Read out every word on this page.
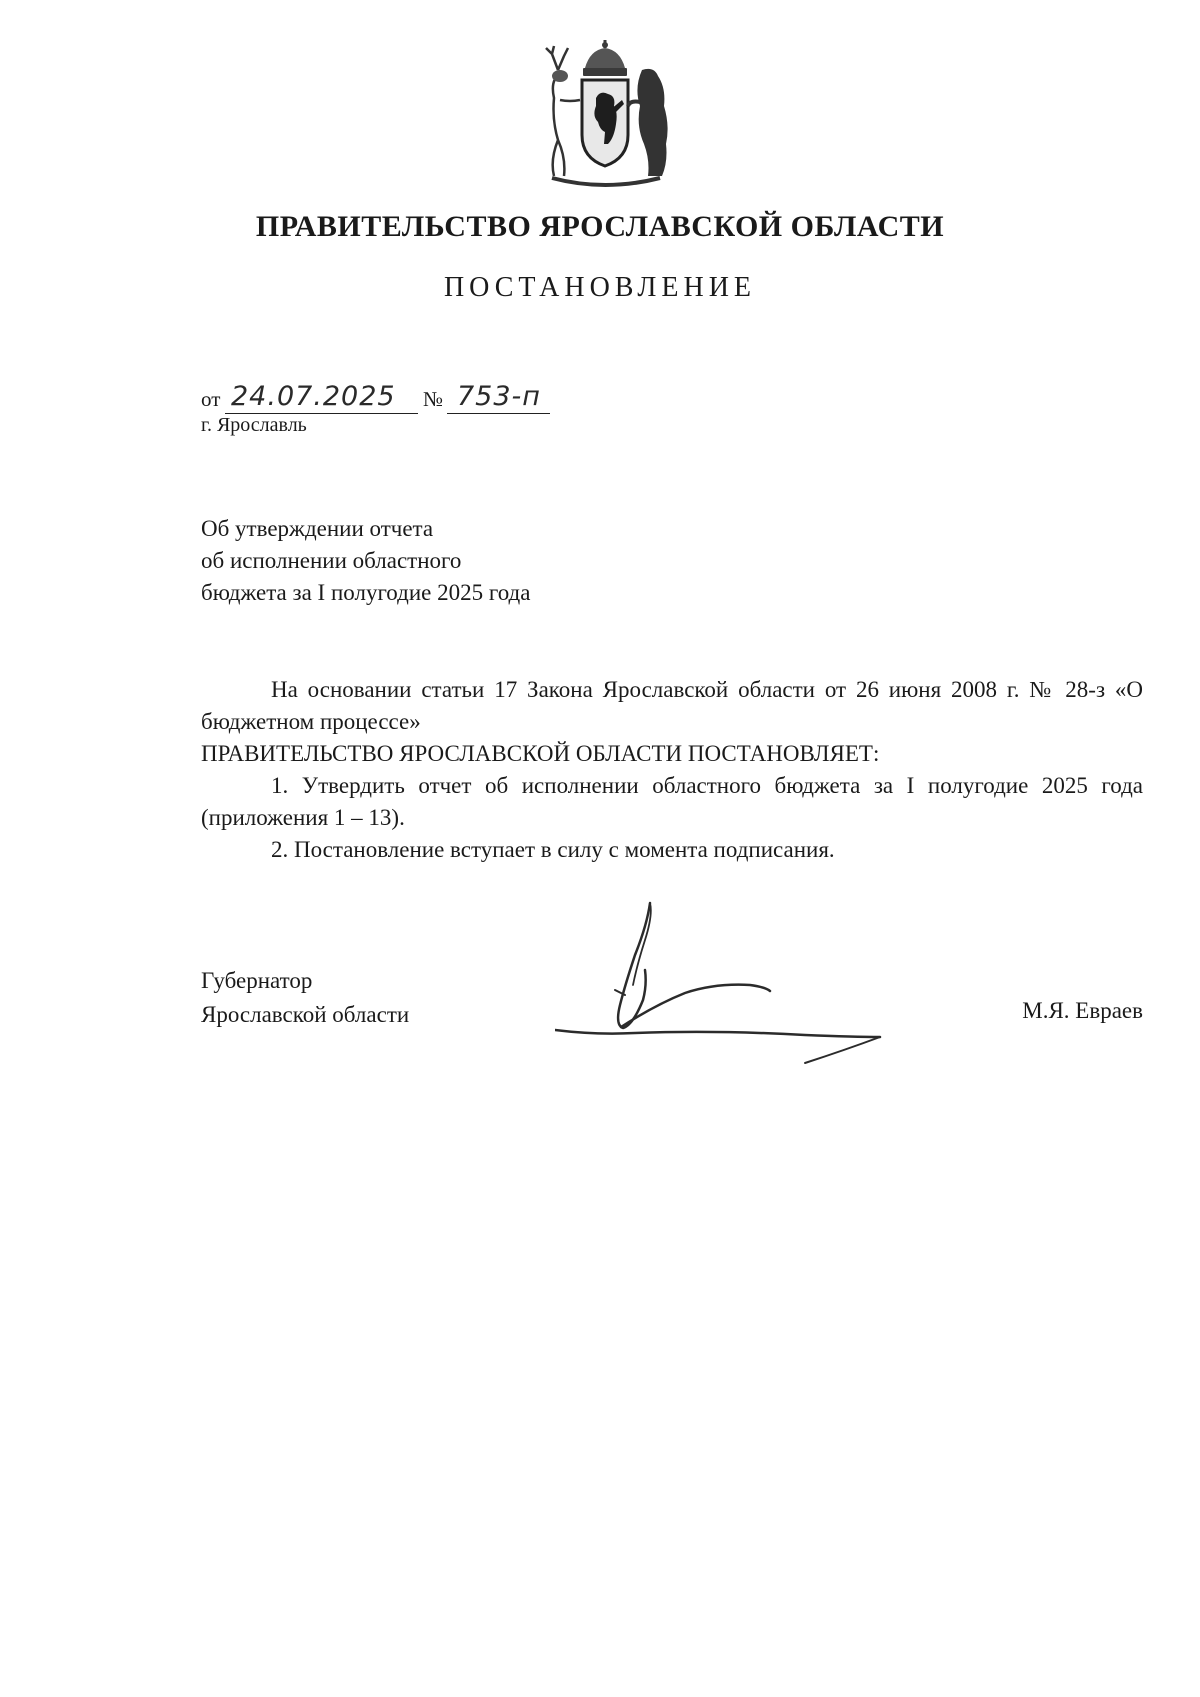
ПРАВИТЕЛЬСТВО ЯРОСЛАВСКОЙ ОБЛАСТИ
ПОСТАНОВЛЕНИЕ
от 24.07.2025 № 753-п
г. Ярославль
Об утверждении отчета
об исполнении областного
бюджета за I полугодие 2025 года

На основании статьи 17 Закона Ярославской области от 26 июня 2008 г. № 28-з «О бюджетном процессе»

ПРАВИТЕЛЬСТВО ЯРОСЛАВСКОЙ ОБЛАСТИ ПОСТАНОВЛЯЕТ:

1. Утвердить отчет об исполнении областного бюджета за I полугодие 2025 года (приложения 1 – 13).

2. Постановление вступает в силу с момента подписания.

Губернатор
Ярославской области	М.Я. Евраев
